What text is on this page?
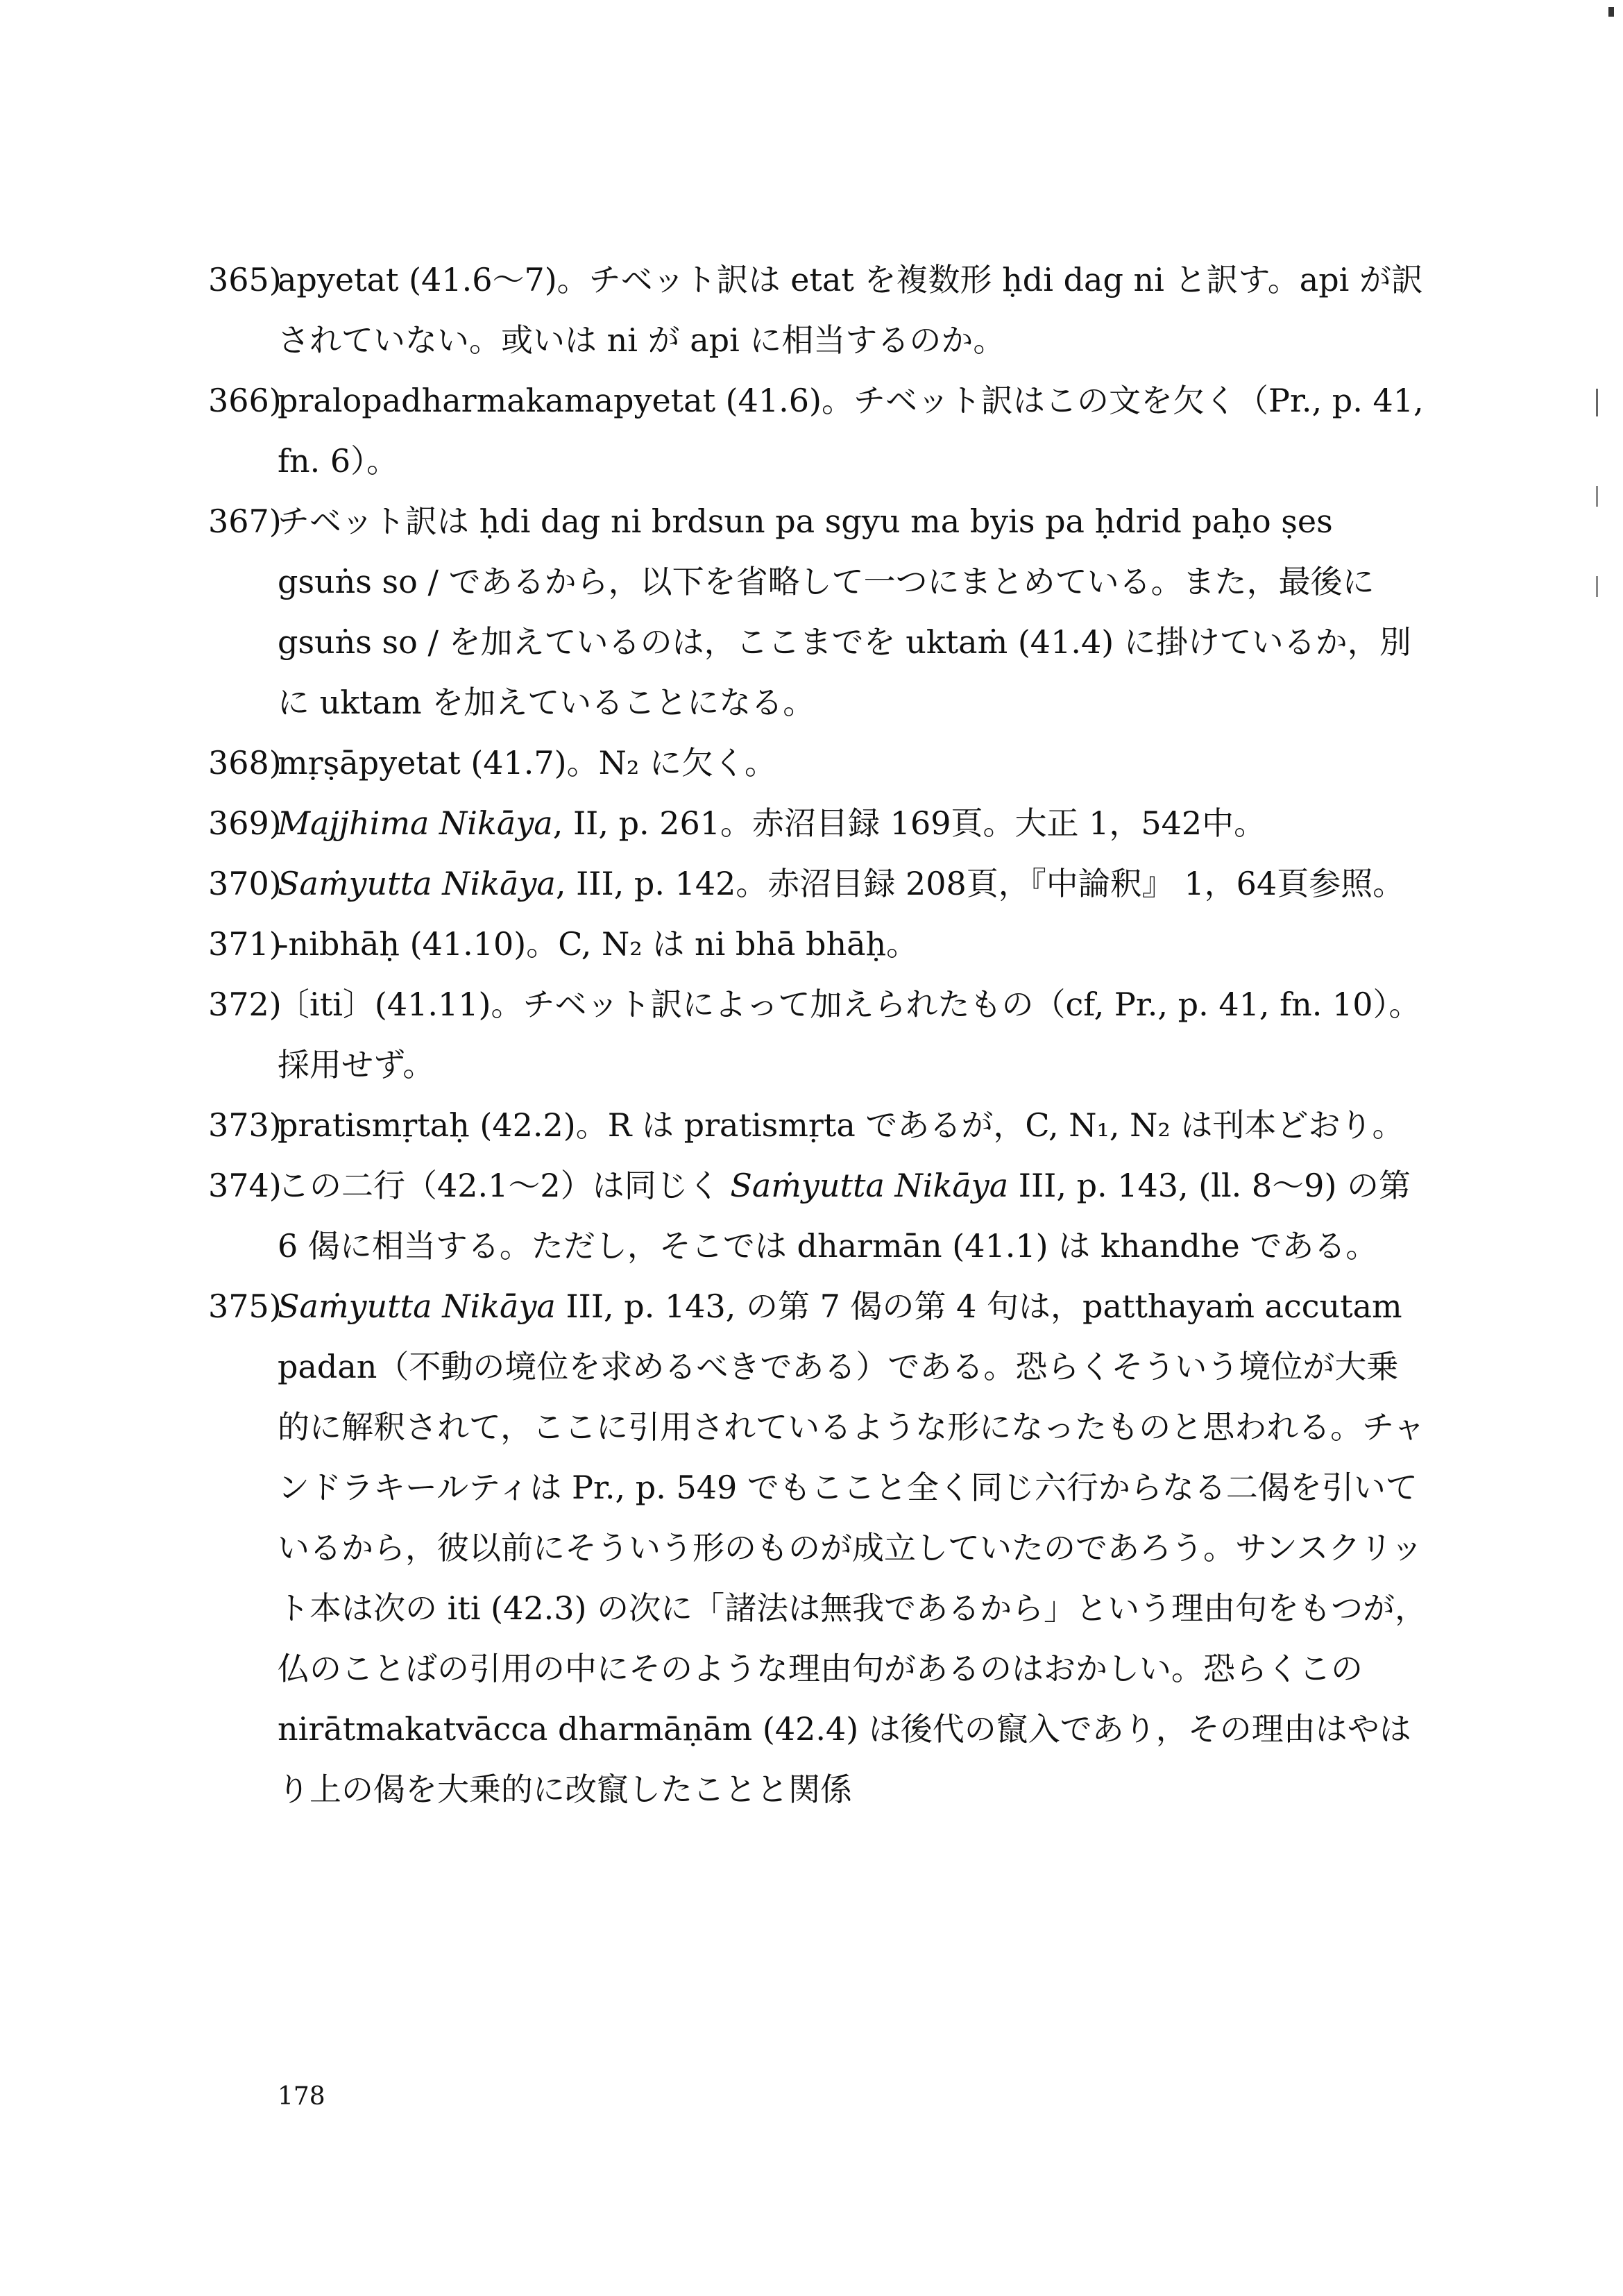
365)
apyetat (41.6〜7)。チベット訳は etat を複数形 ḥdi dag ni と訳す。api が訳されていない。或いは ni が api に相当するのか。

366)
pralopadharmakamapyetat (41.6)。チベット訳はこの文を欠く（Pr., p. 41, fn. 6）。

367)
チベット訳は ḥdi dag ni brdsun pa sgyu ma byis pa ḥdrid paḥo ṣes gsuṅs so / であるから，以下を省略して一つにまとめている。また，最後に gsuṅs so / を加えているのは，ここまでを uktaṁ (41.4) に掛けているか，別に uktam を加えていることになる。

368)
mṛṣāpyetat (41.7)。N₂ に欠く。

369)
Majjhima Nikāya, II, p. 261。赤沼目録 169頁。大正 1，542中。

370)
Saṁyutta Nikāya, III, p. 142。赤沼目録 208頁，『中論釈』 1，64頁参照。

371)
-nibhāḥ (41.10)。C, N₂ は ni bhā bhāḥ。

372)
〔iti〕(41.11)。チベット訳によって加えられたもの（cf, Pr., p. 41, fn. 10）。採用せず。

373)
pratismṛtaḥ (42.2)。R は pratismṛta であるが，C, N₁, N₂ は刊本どおり。

374)
この二行（42.1〜2）は同じく Saṁyutta Nikāya III, p. 143, (ll. 8〜9) の第 6 偈に相当する。ただし，そこでは dharmān (41.1) は khandhe である。

375)
Saṁyutta Nikāya III, p. 143, の第 7 偈の第 4 句は，patthayaṁ accutam padan（不動の境位を求めるべきである）である。恐らくそういう境位が大乗的に解釈されて，ここに引用されているような形になったものと思われる。チャンドラキールティは Pr., p. 549 でもここと全く同じ六行からなる二偈を引いているから，彼以前にそういう形のものが成立していたのであろう。サンスクリット本は次の iti (42.3) の次に「諸法は無我であるから」という理由句をもつが，仏のことばの引用の中にそのような理由句があるのはおかしい。恐らくこの nirātmakatvācca dharmāṇām (42.4) は後代の竄入であり，その理由はやはり上の偈を大乗的に改竄したことと関係

178
